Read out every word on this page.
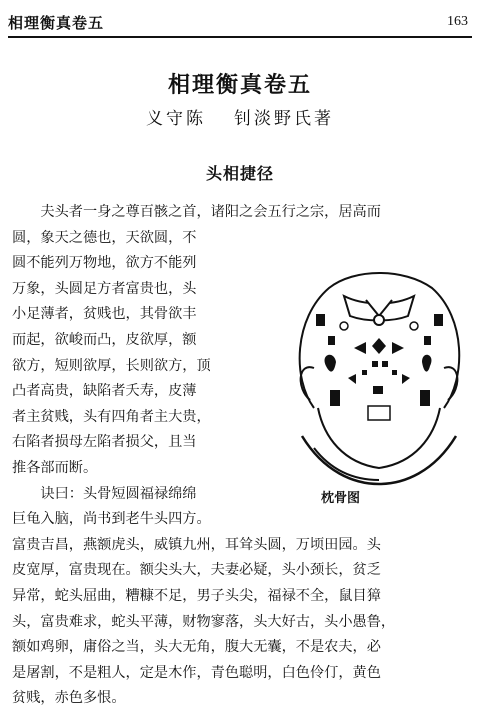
相理衡真卷五	163
相理衡真卷五
义守陈 钊淡野氏著
头相捷径
　　夫头者一身之尊百骸之首，诸阳之会五行之宗，居高而
圆，象天之德也，天欲圆，不
圆不能列万物地，欲方不能列
万象，头圆足方者富贵也，头
小足薄者，贫贱也，其骨欲丰
而起，欲峻而凸，皮欲厚，额
欲方，短则欲厚，长则欲方，顶
凸者高贵，缺陷者夭寿，皮薄
者主贫贱，头有四角者主大贵，
右陷者损母左陷者损父，且当
推各部而断。
　　诀曰：头骨短圆福禄绵绵
巨龟入脑，尚书到老牛头四方。
富贵吉昌，燕额虎头，威镇九州，耳耸头圆，万顷田园。头
皮宽厚，富贵现在。额尖头大，夫妻必疑，头小颈长，贫乏
异常，蛇头屈曲，糟糠不足，男子头尖，福禄不全，鼠目獐
头，富贵难求，蛇头平薄，财物寥落，头大好古，头小愚鲁，
额如鸡卵，庸俗之当，头大无角，腹大无囊，不是农夫，必
是屠割，不是粗人，定是木作，青色聪明，白色伶仃，黄色
贫贱，赤色多恨。
枕骨图
